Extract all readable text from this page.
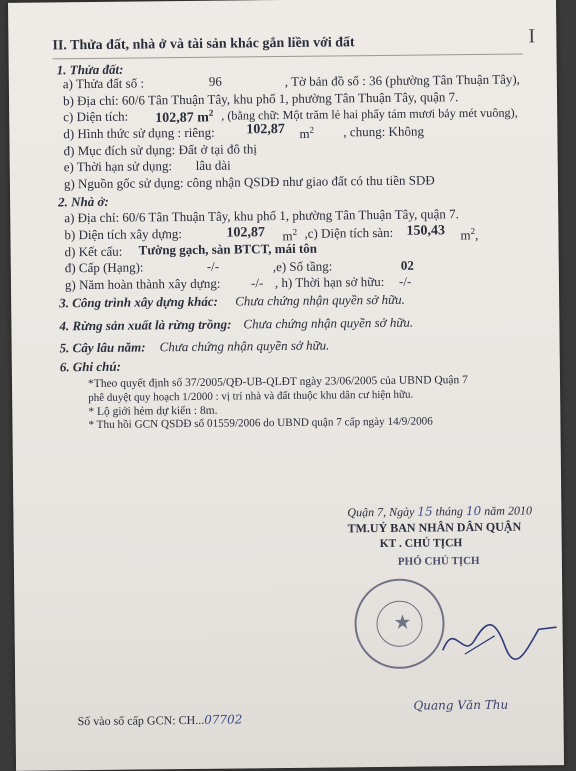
I
II. Thửa đất, nhà ở và tài sản khác gắn liền với đất
1. Thửa đất:
a) Thửa đất số :	96	, Tờ bản đồ số : 36 (phường Tân Thuận Tây),
b) Địa chỉ: 60/6 Tân Thuận Tây, khu phố 1, phường Tân Thuận Tây, quận 7.
c) Diện tích: 102,87 $m^2$ , (bằng chữ: Một trăm lẻ hai phẩy tám mươi bảy mét vuông),
d) Hình thức sử dụng : riêng: 102,87 $m^2$ , chung: Không
đ) Mục đích sử dụng: Đất ở tại đô thị
e) Thời hạn sử dụng: lâu dài
g) Nguồn gốc sử dụng: công nhận QSDĐ như giao đất có thu tiền SDĐ
2. Nhà ở:
a) Địa chỉ: 60/6 Tân Thuận Tây, khu phố 1, phường Tân Thuận Tây, quận 7.
b) Diện tích xây dựng:	102,87 $m^2$ ,c) Diện tích sàn: 150,43 $m^2$,
d) Kết cấu: Tường gạch, sàn BTCT, mái tôn
đ) Cấp (Hạng):	-/-	,e) Số tầng:	02
g) Năm hoàn thành xây dựng: -/- , h) Thời hạn sở hữu: -/-
3. Công trình xây dựng khác: Chưa chứng nhận quyền sở hữu.
4. Rừng sản xuất là rừng trồng: Chưa chứng nhận quyền sở hữu.
5. Cây lâu năm: Chưa chứng nhận quyền sở hữu.
6. Ghi chú:
*Theo quyết định số 37/2005/QĐ-UB-QLĐT ngày 23/06/2005 của UBND Quận 7
phê duyệt quy hoạch 1/2000 : vị trí nhà và đất thuộc khu dân cư hiện hữu.
* Lộ giới hẻm dự kiến : 8m.
* Thu hồi GCN QSDĐ số 01559/2006 do UBND quận 7 cấp ngày 14/9/2006
Quận 7, Ngày 15 tháng 10 năm 2010
TM.UỶ BAN NHÂN DÂN QUẬN
KT . CHỦ TỊCH
PHÓ CHỦ TỊCH
★
Quang Văn Thu
Số vào sổ cấp GCN: CH...07702
